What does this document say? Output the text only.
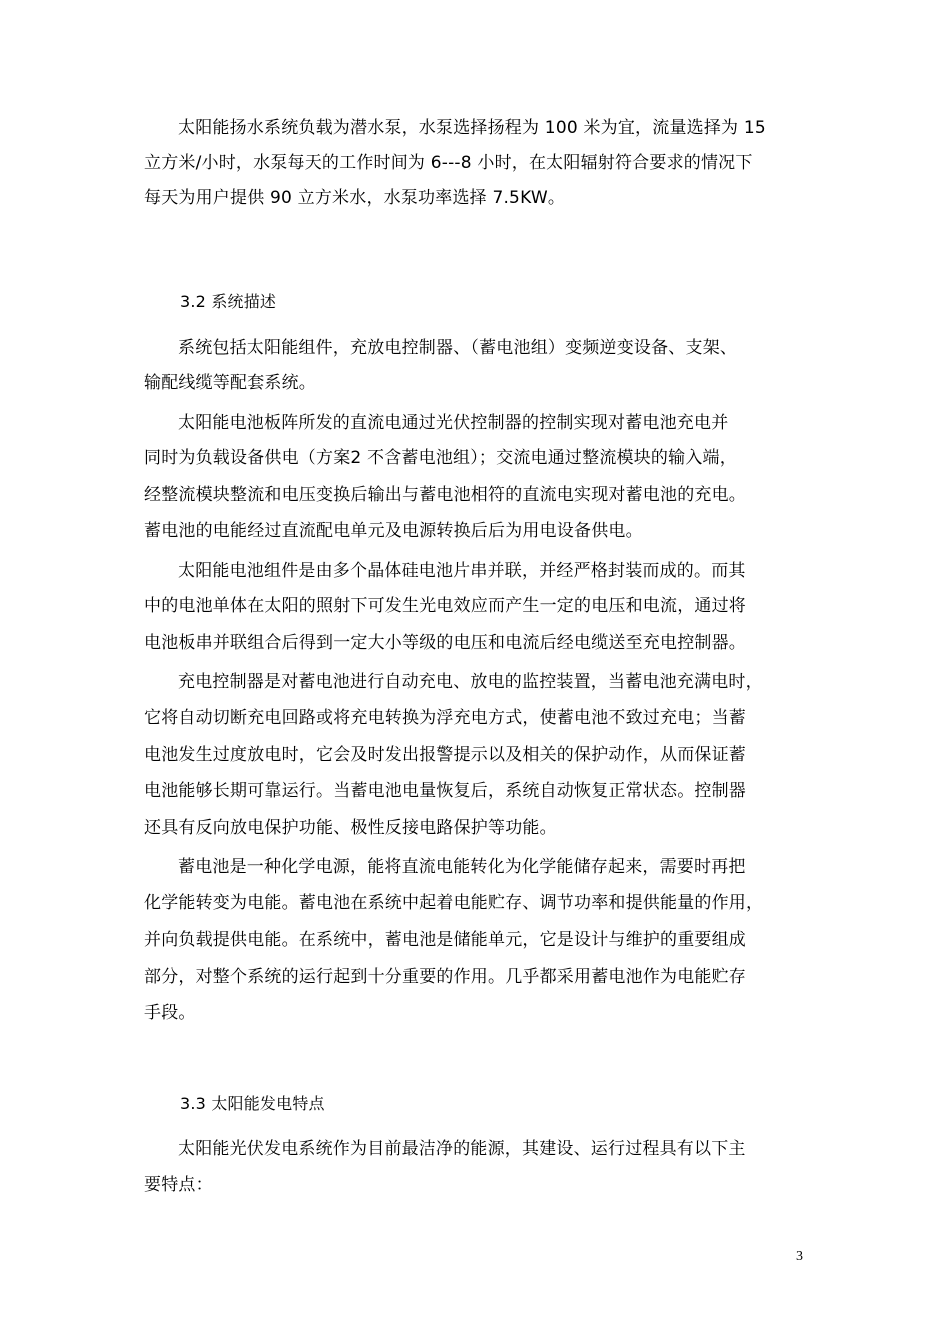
太阳能扬水系统负载为潜水泵，水泵选择扬程为 100 米为宜，流量选择为 15
立方米/小时，水泵每天的工作时间为 6---8 小时，在太阳辐射符合要求的情况下
每天为用户提供 90 立方米水，水泵功率选择 7.5KW。
3.2 系统描述
系统包括太阳能组件，充放电控制器、（蓄电池组）变频逆变设备、支架、
输配线缆等配套系统。
太阳能电池板阵所发的直流电通过光伏控制器的控制实现对蓄电池充电并
同时为负载设备供电（方案2 不含蓄电池组）；交流电通过整流模块的输入端，
经整流模块整流和电压变换后输出与蓄电池相符的直流电实现对蓄电池的充电。
蓄电池的电能经过直流配电单元及电源转换后后为用电设备供电。
太阳能电池组件是由多个晶体硅电池片串并联，并经严格封装而成的。而其
中的电池单体在太阳的照射下可发生光电效应而产生一定的电压和电流，通过将
电池板串并联组合后得到一定大小等级的电压和电流后经电缆送至充电控制器。
充电控制器是对蓄电池进行自动充电、放电的监控装置，当蓄电池充满电时，
它将自动切断充电回路或将充电转换为浮充电方式，使蓄电池不致过充电；当蓄
电池发生过度放电时，它会及时发出报警提示以及相关的保护动作，从而保证蓄
电池能够长期可靠运行。当蓄电池电量恢复后，系统自动恢复正常状态。控制器
还具有反向放电保护功能、极性反接电路保护等功能。
蓄电池是一种化学电源，能将直流电能转化为化学能储存起来，需要时再把
化学能转变为电能。蓄电池在系统中起着电能贮存、调节功率和提供能量的作用，
并向负载提供电能。在系统中，蓄电池是储能单元，它是设计与维护的重要组成
部分，对整个系统的运行起到十分重要的作用。几乎都采用蓄电池作为电能贮存
手段。
3.3 太阳能发电特点
太阳能光伏发电系统作为目前最洁净的能源，其建设、运行过程具有以下主
要特点：
3
